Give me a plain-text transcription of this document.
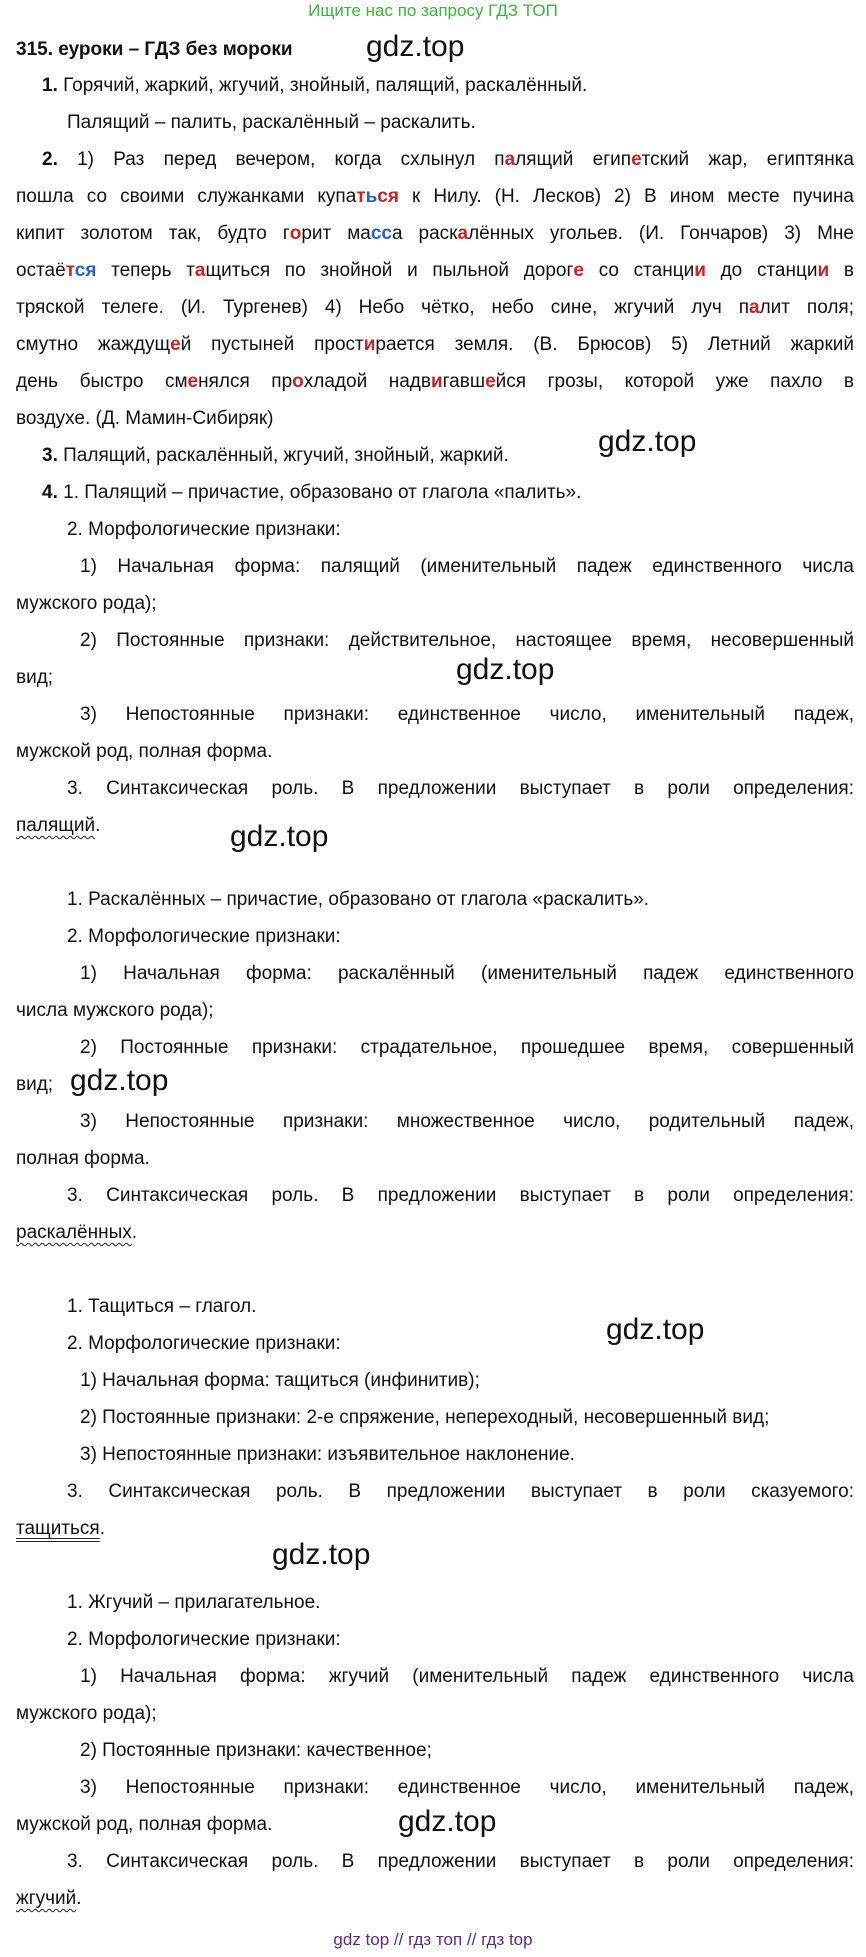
Ищите нас по запросу ГДЗ ТОП
315. еуроки – ГДЗ без мороки
1. Горячий, жаркий, жгучий, знойный, палящий, раскалённый.
Палящий – палить, раскалённый – раскалить.
2. 1) Раз перед вечером, когда схлынул палящий египетский жар, египтянка
пошла со своими служанками купаться к Нилу. (Н. Лесков) 2) В ином месте пучина
кипит золотом так, будто горит масса раскалённых угольев. (И. Гончаров) 3) Мне
остаётся теперь тащиться по знойной и пыльной дороге со станции до станции в
тряской телеге. (И. Тургенев) 4) Небо чётко, небо сине, жгучий луч палит поля;
смутно жаждущей пустыней простирается земля. (В. Брюсов) 5) Летний жаркий
день быстро сменялся прохладой надвигавшейся грозы, которой уже пахло в
воздухе. (Д. Мамин-Сибиряк)
3. Палящий, раскалённый, жгучий, знойный, жаркий.
4. 1. Палящий – причастие, образовано от глагола «палить».
2. Морфологические признаки:
1) Начальная форма: палящий (именительный падеж единственного числа
мужского рода);
2) Постоянные признаки: действительное, настоящее время, несовершенный
вид;
3) Непостоянные признаки: единственное число, именительный падеж,
мужской род, полная форма.
3. Синтаксическая роль. В предложении выступает в роли определения:
палящий.
1. Раскалённых – причастие, образовано от глагола «раскалить».
2. Морфологические признаки:
1) Начальная форма: раскалённый (именительный падеж единственного
числа мужского рода);
2) Постоянные признаки: страдательное, прошедшее время, совершенный
вид;
3) Непостоянные признаки: множественное число, родительный падеж,
полная форма.
3. Синтаксическая роль. В предложении выступает в роли определения:
раскалённых.
1. Тащиться – глагол.
2. Морфологические признаки:
1) Начальная форма: тащиться (инфинитив);
2) Постоянные признаки: 2-е спряжение, непереходный, несовершенный вид;
3) Непостоянные признаки: изъявительное наклонение.
3. Синтаксическая роль. В предложении выступает в роли сказуемого:
тащиться.
1. Жгучий – прилагательное.
2. Морфологические признаки:
1) Начальная форма: жгучий (именительный падеж единственного числа
мужского рода);
2) Постоянные признаки: качественное;
3) Непостоянные признаки: единственное число, именительный падеж,
мужской род, полная форма.
3. Синтаксическая роль. В предложении выступает в роли определения:
жгучий.
gdz.top
gdz.top
gdz.top
gdz.top
gdz.top
gdz.top
gdz.top
gdz.top
gdz top // гдз топ // гдз top
